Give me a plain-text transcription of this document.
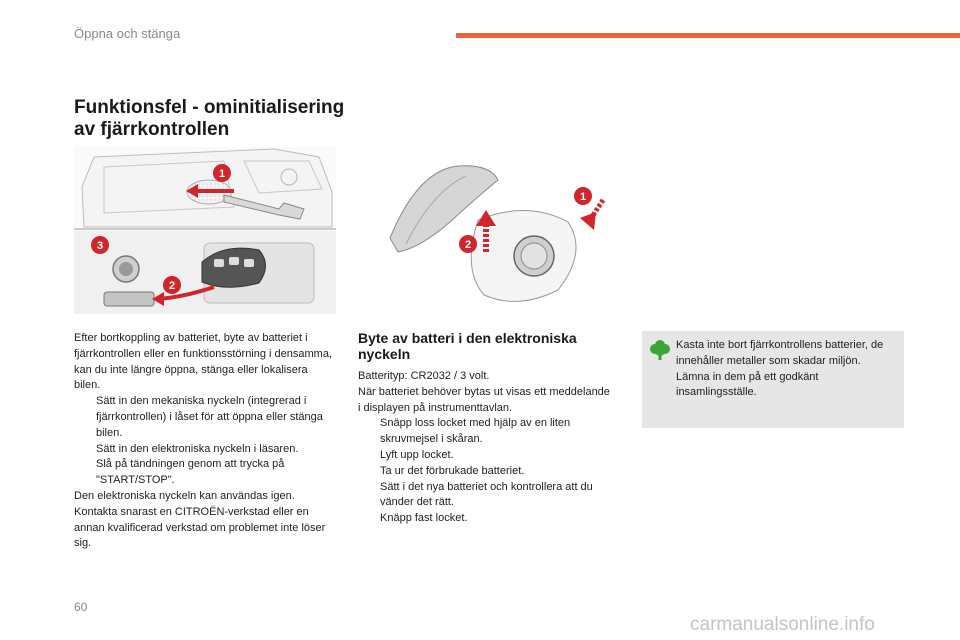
Öppna och stänga
Funktionsfel - ominitialisering
av fjärrkontrollen
1
2
3
1
2

Efter bortkoppling av batteriet, byte av batteriet i fjärrkontrollen eller en funktionsstörning i densamma, kan du inte längre öppna, stänga eller lokalisera bilen.

Sätt in den mekaniska nyckeln (integrerad i fjärrkontrollen) i låset för att öppna eller stänga bilen.
Sätt in den elektroniska nyckeln i läsaren.
Slå på tändningen genom att trycka på "START/STOP".

Den elektroniska nyckeln kan användas igen. Kontakta snarast en CITROËN-verkstad eller en annan kvalificerad verkstad om problemet inte löser sig.

Byte av batteri i den elektroniska
nyckeln

Batterityp: CR2032 / 3 volt.

När batteriet behöver bytas ut visas ett meddelande i displayen på instrumenttavlan.

Snäpp loss locket med hjälp av en liten skruvmejsel i skåran.
Lyft upp locket.
Ta ur det förbrukade batteriet.
Sätt i det nya batteriet och kontrollera att du vänder det rätt.
Knäpp fast locket.

Kasta inte bort fjärrkontrollens batterier, de innehåller metaller som skadar miljön.

Lämna in dem på ett godkänt insamlingsställe.

60
carmanualsonline.info
